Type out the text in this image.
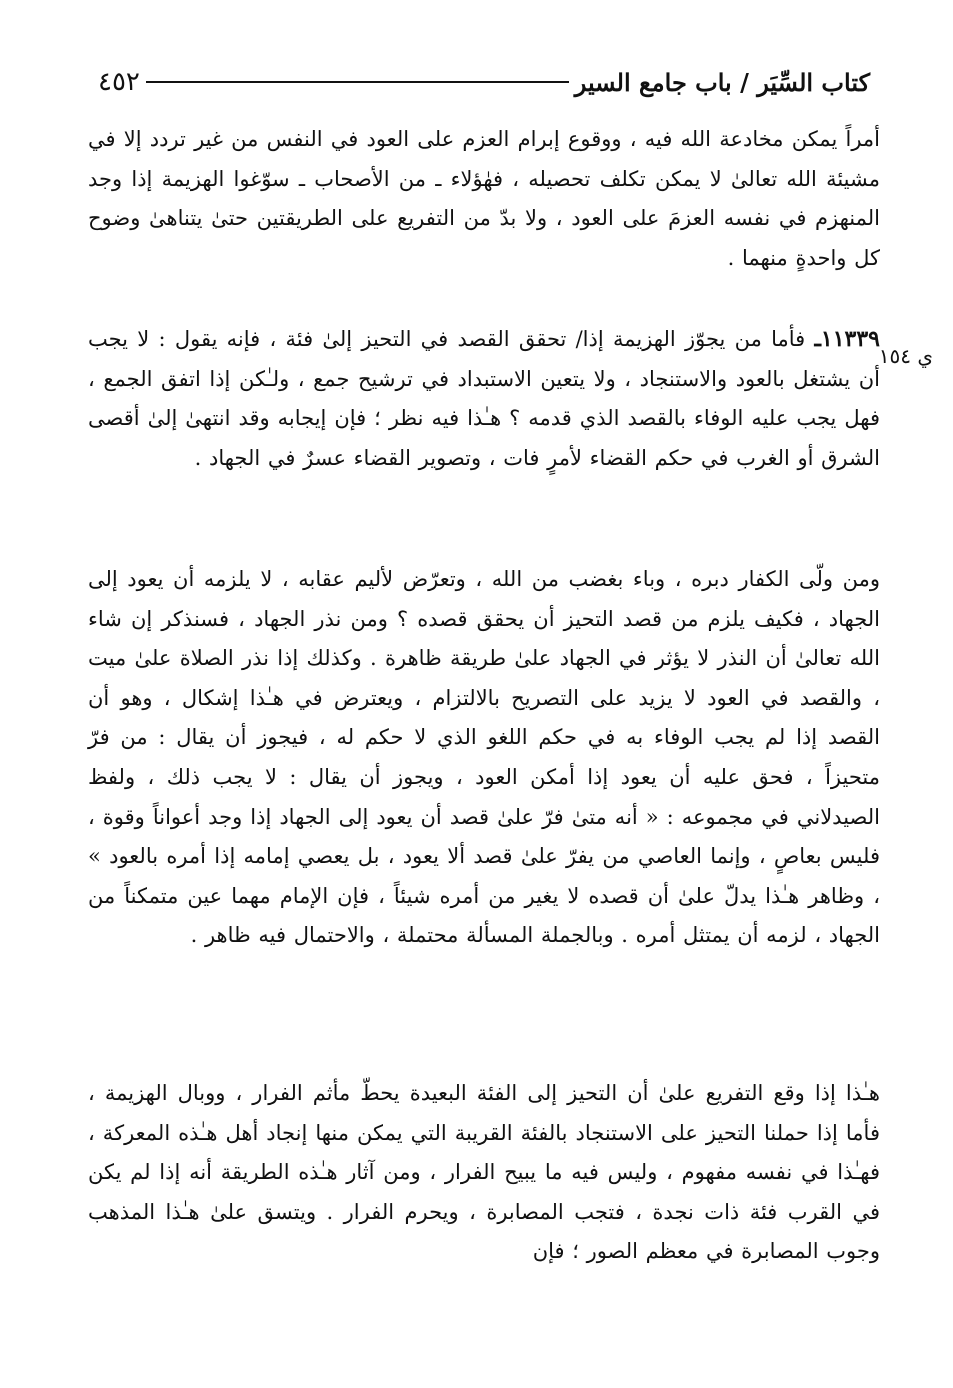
كتاب السِّيَر / باب جامع السير
٤٥٢
ي ١٥٤

أمراً يمكن مخادعة الله فيه ، ووقوع إبرام العزم على العود في النفس من غير تردد إلا في مشيئة الله تعالىٰ لا يمكن تكلف تحصيله ، فهٰؤلاء ـ من الأصحاب ـ سوّغوا الهزيمة إذا وجد المنهزم في نفسه العزمَ على العود ، ولا بدّ من التفريع على الطريقتين حتىٰ يتناهىٰ وضوح كل واحدةٍ منهما .

١١٣٣٩ـ فأما من يجوّز الهزيمة إذا/ تحقق القصد في التحيز إلىٰ فئة ، فإنه يقول : لا يجب أن يشتغل بالعود والاستنجاد ، ولا يتعين الاستبداد في ترشيح جمع ، ولـٰكن إذا اتفق الجمع ، فهل يجب عليه الوفاء بالقصد الذي قدمه ؟ هـٰذا فيه نظر ؛ فإن إيجابه وقد انتهىٰ إلىٰ أقصى الشرق أو الغرب في حكم القضاء لأمرٍ فات ، وتصوير القضاء عسرٌ في الجهاد .

ومن ولّى الكفار دبره ، وباء بغضب من الله ، وتعرّض لأليم عقابه ، لا يلزمه أن يعود إلى الجهاد ، فكيف يلزم من قصد التحيز أن يحقق قصده ؟ ومن نذر الجهاد ، فسنذكر إن شاء الله تعالىٰ أن النذر لا يؤثر في الجهاد علىٰ طريقة ظاهرة . وكذلك إذا نذر الصلاة علىٰ ميت ، والقصد في العود لا يزيد على التصريح بالالتزام ، ويعترض في هـٰذا إشكال ، وهو أن القصد إذا لم يجب الوفاء به في حكم اللغو الذي لا حكم له ، فيجوز أن يقال : من فرّ متحيزاً ، فحق عليه أن يعود إذا أمكن العود ، ويجوز أن يقال : لا يجب ذلك ، ولفظ الصيدلاني في مجموعه : « أنه متىٰ فرّ علىٰ قصد أن يعود إلى الجهاد إذا وجد أعواناً وقوة ، فليس بعاصٍ ، وإنما العاصي من يفرّ علىٰ قصد ألا يعود ، بل يعصي إمامه إذا أمره بالعود » ، وظاهر هـٰذا يدلّ علىٰ أن قصده لا يغير من أمره شيئاً ، فإن الإمام مهما عين متمكناً من الجهاد ، لزمه أن يمتثل أمره . وبالجملة المسألة محتملة ، والاحتمال فيه ظاهر .

هـٰذا إذا وقع التفريع علىٰ أن التحيز إلى الفئة البعيدة يحطّ مأثم الفرار ، ووبال الهزيمة ، فأما إذا حملنا التحيز على الاستنجاد بالفئة القريبة التي يمكن منها إنجاد أهل هـٰذه المعركة ، فهـٰذا في نفسه مفهوم ، وليس فيه ما يبيح الفرار ، ومن آثار هـٰذه الطريقة أنه إذا لم يكن في القرب فئة ذات نجدة ، فتجب المصابرة ، ويحرم الفرار . ويتسق علىٰ هـٰذا المذهب وجوب المصابرة في معظم الصور ؛ فإن
